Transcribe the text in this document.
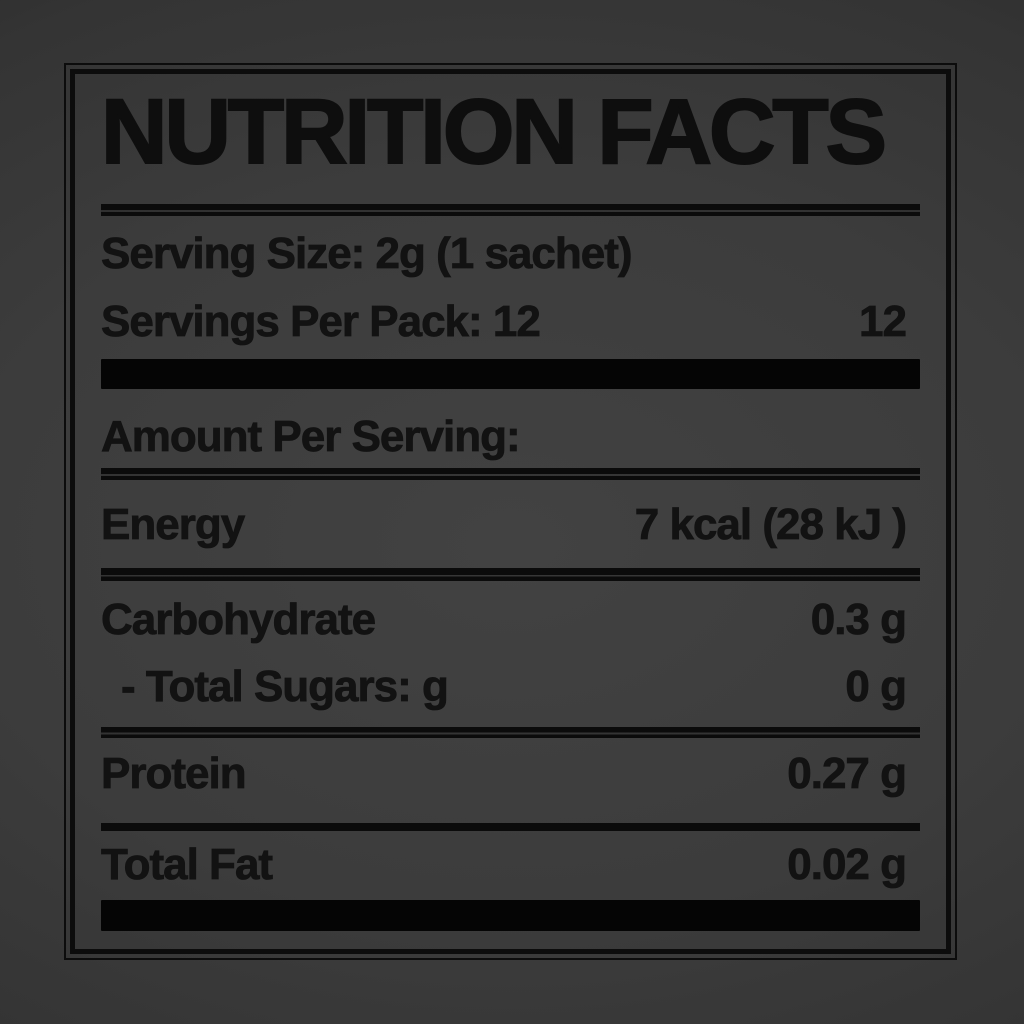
NUTRITION FACTS
Serving Size: 2g (1 sachet)
Servings Per Pack: 12	12
Amount Per Serving:
Energy	7 kcal (28 kJ )
Carbohydrate	0.3 g
- Total Sugars: g	0 g
Protein	0.27 g
Total Fat	0.02 g
